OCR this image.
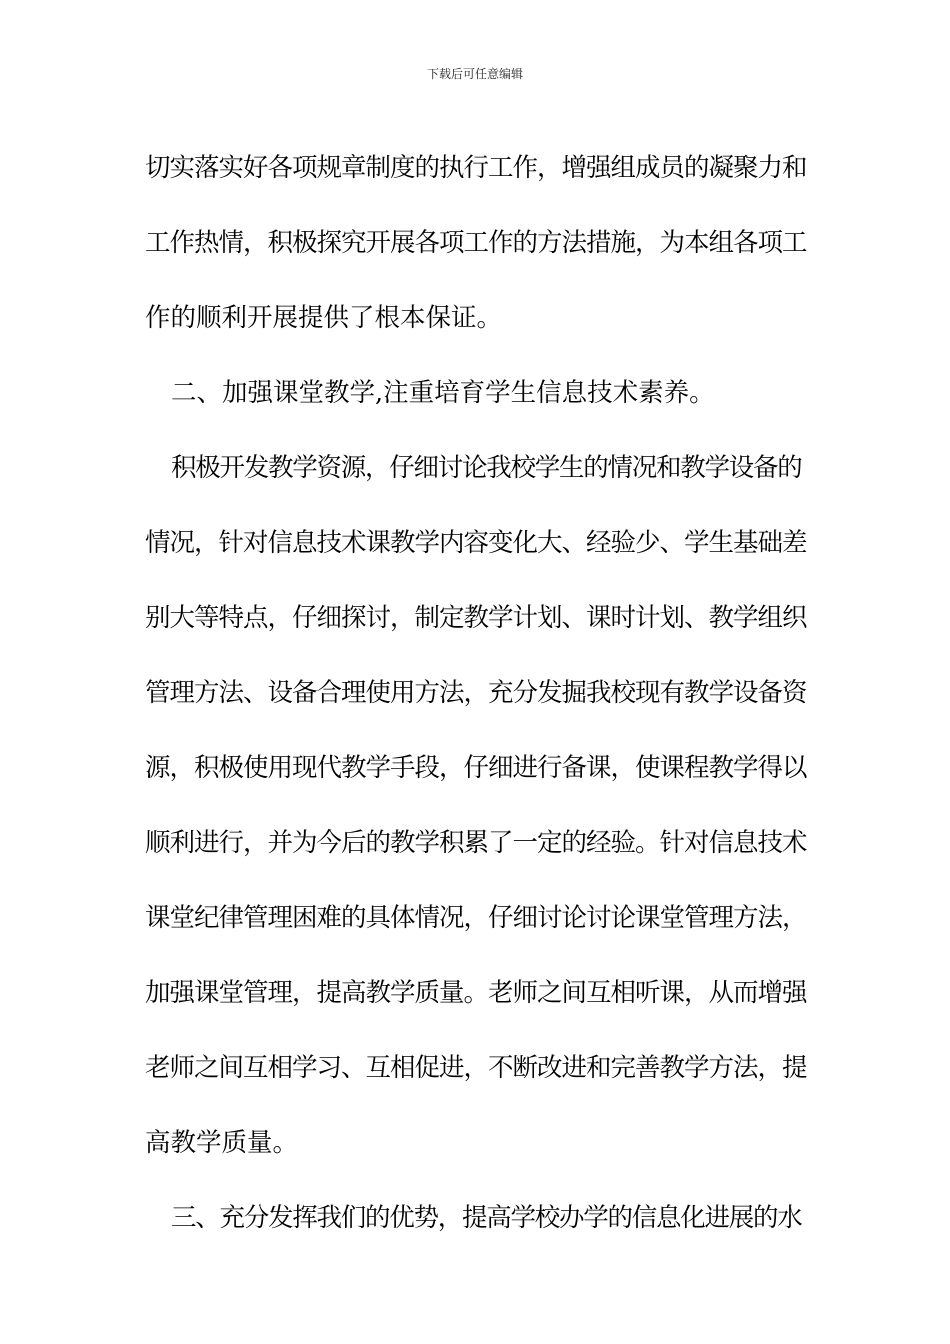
下载后可任意编辑
切实落实好各项规章制度的执行工作，增强组成员的凝聚力和
工作热情，积极探究开展各项工作的方法措施，为本组各项工
作的顺利开展提供了根本保证。
二、加强课堂教学,注重培育学生信息技术素养。
积极开发教学资源，仔细讨论我校学生的情况和教学设备的
情况，针对信息技术课教学内容变化大、经验少、学生基础差
别大等特点，仔细探讨，制定教学计划、课时计划、教学组织
管理方法、设备合理使用方法，充分发掘我校现有教学设备资
源，积极使用现代教学手段，仔细进行备课，使课程教学得以
顺利进行，并为今后的教学积累了一定的经验。针对信息技术
课堂纪律管理困难的具体情况，仔细讨论讨论课堂管理方法，
加强课堂管理，提高教学质量。老师之间互相听课，从而增强
老师之间互相学习、互相促进，不断改进和完善教学方法，提
高教学质量。
三、充分发挥我们的优势，提高学校办学的信息化进展的水
